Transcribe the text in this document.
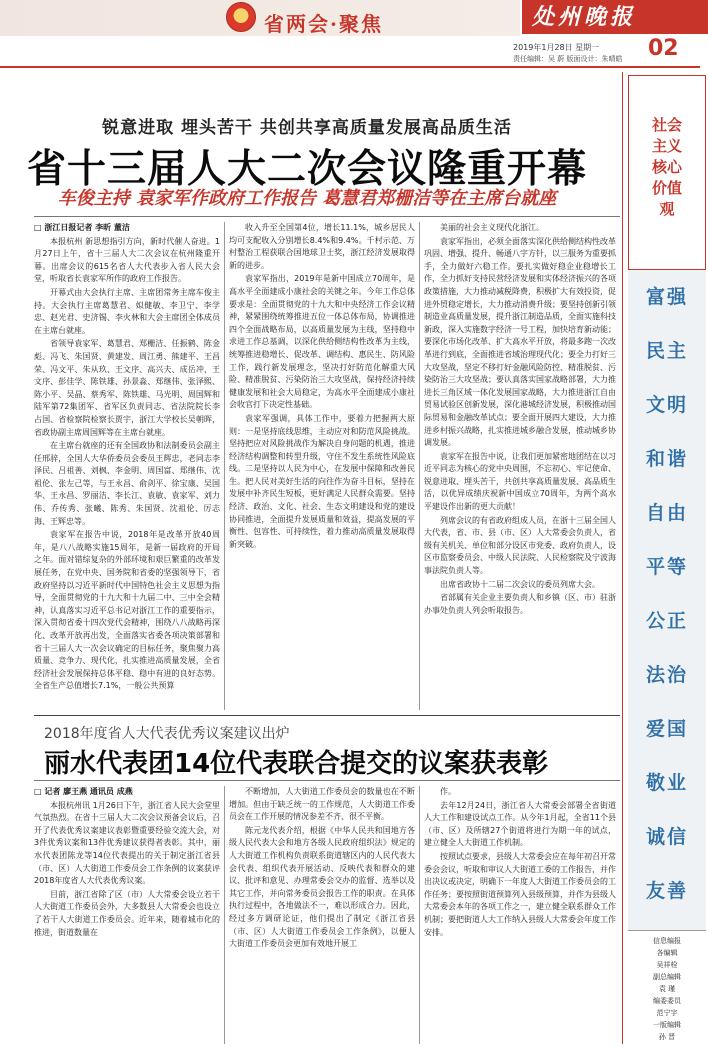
省两会·聚焦	处州晚报
2019年1月28日 星期一
责任编辑：吴 蔚 版面设计：朱晴皓 02
锐意进取 埋头苦干 共创共享高质量发展高品质生活
省十三届人大二次会议隆重开幕
车俊主持 袁家军作政府工作报告 葛慧君郑栅洁等在主席台就座

□ 浙江日报记者 李昕 董洁

本报杭州 新思想指引方向，新时代催人奋进。1月27日上午，省十三届人大二次会议在杭州隆重开幕。出席会议的615名省人大代表步入省人民大会堂，听取省长袁家军所作的政府工作报告。

开幕式由大会执行主席、主席团常务主席车俊主持。大会执行主席葛慧君、姒健敏、李卫宁、李学忠、赵光君、史济锡、李火林和大会主席团全体成员在主席台就座。

省领导袁家军、葛慧君、郑栅洁、任振鹤、陈金彪、冯飞、朱国贤、黄建发、周江勇、熊建平、王昌荣、冯文平、朱从玖、王文序、高兴夫、成岳冲、王文序、彭佳学、陈铁雄、孙景淼、郑继伟、张泽熙、陈小平、吴晶、蔡秀军、陈铁雄、马光明、周国辉和陆军第72集团军、省军区负责同志、省法院院长李占国、省检察院检察长贾宇，浙江大学校长吴朝晖，省政协副主席周国辉等在主席台就座。

在主席台就座的还有全国政协和法制委员会副主任邢骍，全国人大华侨委员会委员王辉忠，老同志李泽民、吕祖善、刘枫、李金明、周国富、郑继伟、沈祖伦、张左己等，与王永昌、俞剑平、徐宝康、吴国华、王永昌、罗丽洁、李长江、袁敏、袁家军、刘力伟、乔传秀、张曦、陈秀、朱国贤、沈祖伦、厉志海、王辉忠等。

袁家军在报告中说，2018年是改革开放40周年，是八八战略实施15周年，是新一届政府的开局之年。面对错综复杂的外部环境和艰巨繁重的改革发展任务，在党中央、国务院和省委的坚强领导下，省政府坚持以习近平新时代中国特色社会主义思想为指导，全面贯彻党的十九大和十九届二中、三中全会精神，认真落实习近平总书记对浙江工作的重要指示，深入贯彻省委十四次党代会精神，围绕八八战略再深化、改革开放再出发，全面落实省委各项决策部署和省十三届人大一次会议确定的目标任务，聚焦聚力高质量、竞争力、现代化，扎实推进高质量发展，全省经济社会发展保持总体平稳、稳中有进的良好态势。全省生产总值增长7.1%，一般公共预算

收入升至全国第4位，增长11.1%，城乡居民人均可支配收入分别增长8.4%和9.4%。千村示范、万村整治工程获联合国地球卫士奖，浙江经济发展取得新的进步。

袁家军指出，2019年是新中国成立70周年，是高水平全面建成小康社会的关键之年。今年工作总体要求是：全面贯彻党的十九大和中央经济工作会议精神，紧紧围绕统筹推进五位一体总体布局，协调推进四个全面战略布局，以高质量发展为主线，坚持稳中求进工作总基调，以深化供给侧结构性改革为主线，统筹推进稳增长、促改革、调结构、惠民生、防风险工作，践行新发展理念，坚决打好防范化解重大风险、精准脱贫、污染防治三大攻坚战，保持经济持续健康发展和社会大局稳定，为高水平全面建成小康社会收官打下决定性基础。

袁家军强调，具体工作中，要着力把握两大原则：一是坚持底线思维，主动应对和防范风险挑战。坚持把应对风险挑战作为解决自身问题的机遇，推进经济结构调整和转型升级，守住不发生系统性风险底线。二是坚持以人民为中心，在发展中保障和改善民生。把人民对美好生活的向往作为奋斗目标，坚持在发展中补齐民生短板，更好满足人民群众需要。坚持经济、政治、文化、社会、生态文明建设和党的建设协同推进，全面提升发展质量和效益，提高发展的平衡性、包容性、可持续性，着力推动高质量发展取得新突破。

美丽的社会主义现代化浙江。

袁家军指出，必须全面落实深化供给侧结构性改革巩固、增强、提升、畅通八字方针，以三服务为重要抓手，全力做好六稳工作。要扎实做好稳企业稳增长工作，全力抓好支持民营经济发展和实体经济振兴的各项政策措施，大力推动减税降费，积极扩大有效投资，促进外贸稳定增长，大力推动消费升级；要坚持创新引领制造业高质量发展，提升浙江制造品质，全面实施科技新政，深入实施数字经济一号工程，加快培育新动能；要深化市场化改革、扩大高水平开放，将最多跑一次改革进行到底，全面推进省域治理现代化；要全力打好三大攻坚战，坚定不移打好金融风险防控、精准脱贫、污染防治三大攻坚战；要认真落实国家战略部署，大力推进长三角区域一体化发展国家战略，大力推进浙江自由贸易试验区创新发展，深化港城经济发展，积极推动国际贸易和金融改革试点；要全面开展四大建设，大力推进乡村振兴战略，扎实推进城乡融合发展，推动城乡协调发展。

袁家军在报告中说，让我们更加紧密地团结在以习近平同志为核心的党中央周围，不忘初心、牢记使命、锐意进取、埋头苦干，共创共享高质量发展、高品质生活，以优异成绩庆祝新中国成立70周年，为两个高水平建设作出新的更大贡献！

列席会议的有省政府组成人员，在浙十三届全国人大代表，省、市、县（市、区）人大常委会负责人，省级有关机关、单位和部分设区市党委、政府负责人，设区市监察委员会、中级人民法院、人民检察院及宁波海事法院负责人等。

出席省政协十二届二次会议的委员列席大会。

省部属有关企业主要负责人和乡镇（区、市）驻浙办事处负责人列会听取报告。

2018年度省人大代表优秀议案建议出炉
丽水代表团14位代表联合提交的议案获表彰

□ 记者 廖王燕 通讯员 成燕

本报杭州讯 1月26日下午，浙江省人民大会堂里气氛热烈。在省十三届人大二次会议预备会议后，召开了代表优秀议案建议表彰暨重要经验交流大会，对3件优秀议案和13件优秀建议获得者表彰。其中，丽水代表团陈龙等14位代表提出的关于制定浙江省县（市、区）人大街道工作委员会工作条例的议案获评2018年度省人大代表优秀议案。

目前，浙江省除了区（市）人大常委会设立若干人大街道工作委员会外，大多数县人大常委会也设立了若干人大街道工作委员会。近年来，随着城市化的推进，街道数量在

不断增加，人大街道工作委员会的数量也在不断增加。但由于缺乏统一的工作规范，人大街道工作委员会在工作开展的情况参差不齐、很不平衡。

陈元龙代表介绍，根据《中华人民共和国地方各级人民代表大会和地方各级人民政府组织法》规定的人大街道工作机构负责联系街道辖区内的人民代表大会代表、组织代表开展活动、反映代表和群众的建议、批评和意见、办理常委会交办的监督、选举以及其它工作，并向常务委员会报告工作的职责。在具体执行过程中，各地做法不一，难以形成合力。因此，经过多方调研论证，他们提出了制定《浙江省县（市、区）人大街道工作委员会工作条例》，以便人大街道工作委员会更加有效地开展工

作。

去年12月24日，浙江省人大常委会部署全省街道人大工作和建设试点工作。从今年1月起，全省11个县（市、区）及所辖27个街道将进行为期一年的试点，建立健全人大街道工作机制。

按照试点要求，县级人大常委会应在每年初召开常委会会议，听取和审议人大街道工委的工作报告，并作出决议或决定，明确下一年度人大街道工作委员会的工作任务；要按照街道预算列入县级预算，并作为县级人大常委会本年的各项工作之一，建立健全联系群众工作机制；要把街道人大工作纳入县级人大常委会年度工作安排。

社会主义核心价值观
富强
民主
文明
和谐
自由
平等
公正
法治
爱国
敬业
诚信
友善
信息编报
各编辑
吴祥栓
副总编辑
袁 瑾
编委委员
范宁宇
一版编辑
孙 晋
